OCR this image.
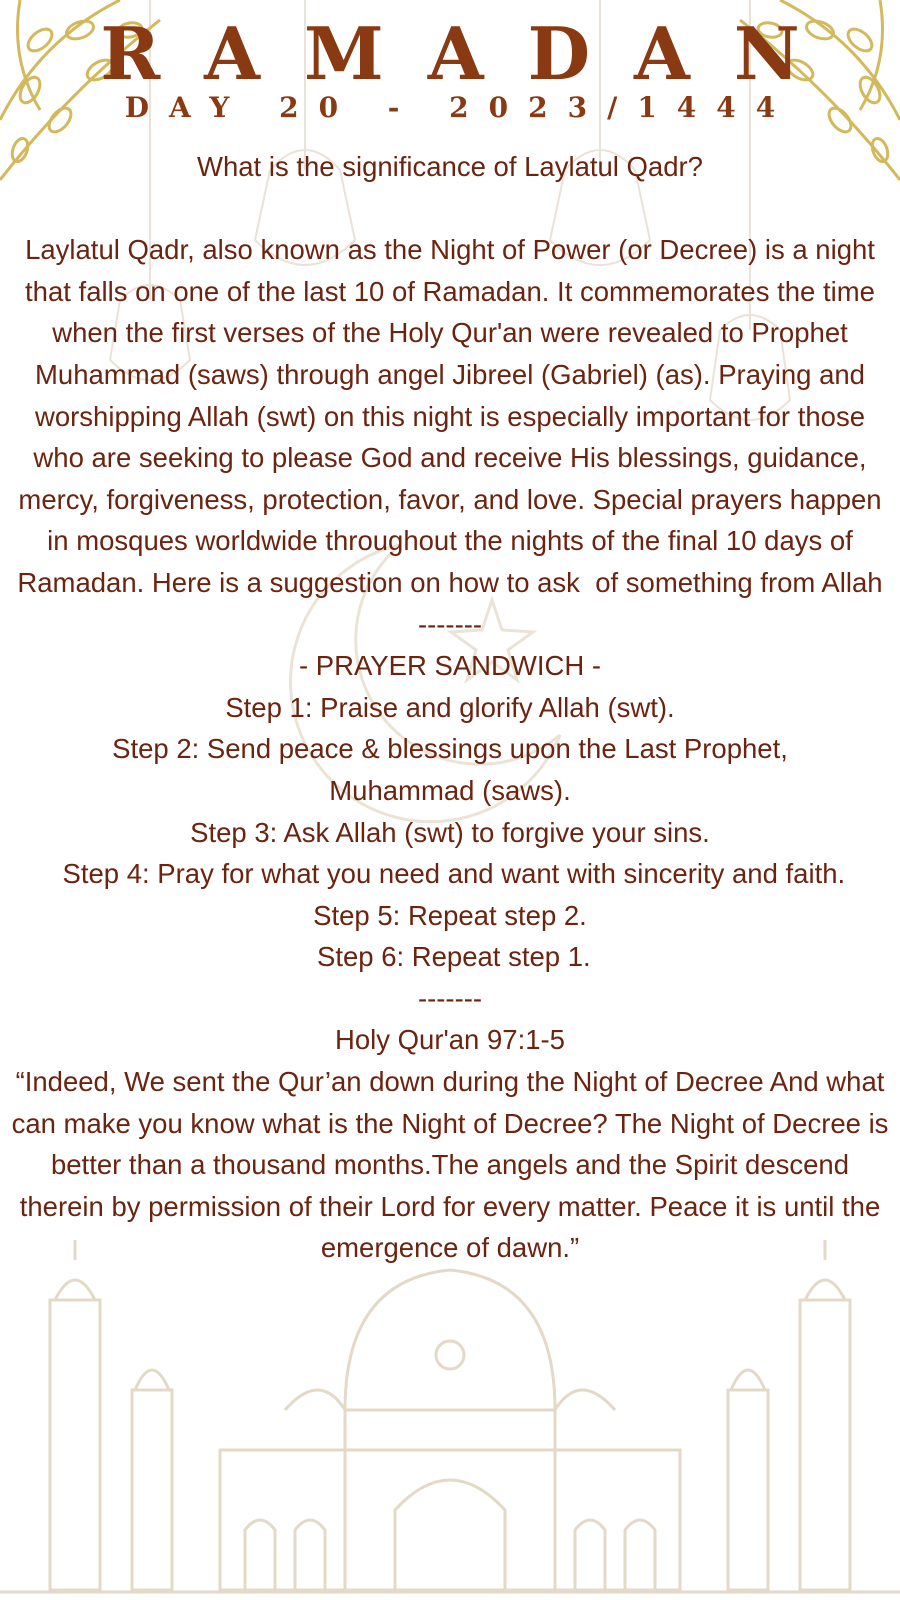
RAMADAN
DAY 20 - 2023/1444

What is the significance of Laylatul Qadr?

Laylatul Qadr, also known as the Night of Power (or Decree) is a night that falls on one of the last 10 of Ramadan. It commemorates the time when the first verses of the Holy Qur'an were revealed to Prophet Muhammad (saws) through angel Jibreel (Gabriel) (as). Praying and worshipping Allah (swt) on this night is especially important for those who are seeking to please God and receive His blessings, guidance, mercy, forgiveness, protection, favor, and love. Special prayers happen in mosques worldwide throughout the nights of the final 10 days of Ramadan. Here is a suggestion on how to ask  of something from Allah

-------

- PRAYER SANDWICH -

Step 1: Praise and glorify Allah (swt).

Step 2: Send peace & blessings upon the Last Prophet, Muhammad (saws).

Step 3: Ask Allah (swt) to forgive your sins.

Step 4: Pray for what you need and want with sincerity and faith.

Step 5: Repeat step 2.

Step 6: Repeat step 1.

-------

Holy Qur'an 97:1-5

“Indeed, We sent the Qur’an down during the Night of Decree And what can make you know what is the Night of Decree? The Night of Decree is better than a thousand months.The angels and the Spirit descend therein by permission of their Lord for every matter. Peace it is until the emergence of dawn.”
